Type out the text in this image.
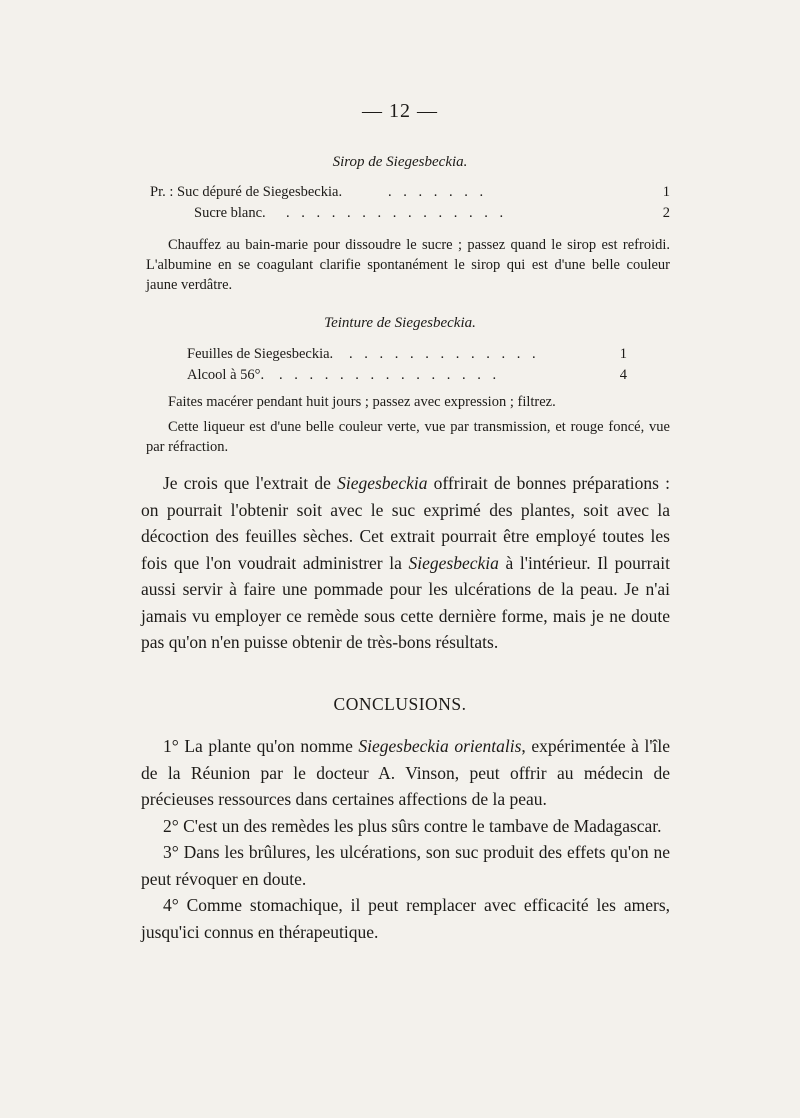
— 12 —
Sirop de Siegesbeckia.
Pr. : Suc dépuré de Siegesbeckia.	. . . . . . .	1
Sucre blanc. . . . . . . . . . . . . . . .	2
Chauffez au bain-marie pour dissoudre le sucre ; passez quand le sirop est refroidi. L'albumine en se coagulant clarifie spontanément le sirop qui est d'une belle couleur jaune verdâtre.
Teinture de Siegesbeckia.
Feuilles de Siegesbeckia. . . . . . . . . . . . . .	1
Alcool à 56°. . . . . . . . . . . . . . . .	4
Faites macérer pendant huit jours ; passez avec expression ; filtrez.
Cette liqueur est d'une belle couleur verte, vue par transmission, et rouge foncé, vue par réfraction.
Je crois que l'extrait de Siegesbeckia offrirait de bonnes préparations : on pourrait l'obtenir soit avec le suc exprimé des plantes, soit avec la décoction des feuilles sèches. Cet extrait pourrait être employé toutes les fois que l'on voudrait administrer la Siegesbeckia à l'intérieur. Il pourrait aussi servir à faire une pommade pour les ulcérations de la peau. Je n'ai jamais vu employer ce remède sous cette dernière forme, mais je ne doute pas qu'on n'en puisse obtenir de très-bons résultats.
CONCLUSIONS.

1° La plante qu'on nomme Siegesbeckia orientalis, expérimentée à l'île de la Réunion par le docteur A. Vinson, peut offrir au médecin de précieuses ressources dans certaines affections de la peau.

2° C'est un des remèdes les plus sûrs contre le tambave de Madagascar.

3° Dans les brûlures, les ulcérations, son suc produit des effets qu'on ne peut révoquer en doute.

4° Comme stomachique, il peut remplacer avec efficacité les amers, jusqu'ici connus en thérapeutique.
